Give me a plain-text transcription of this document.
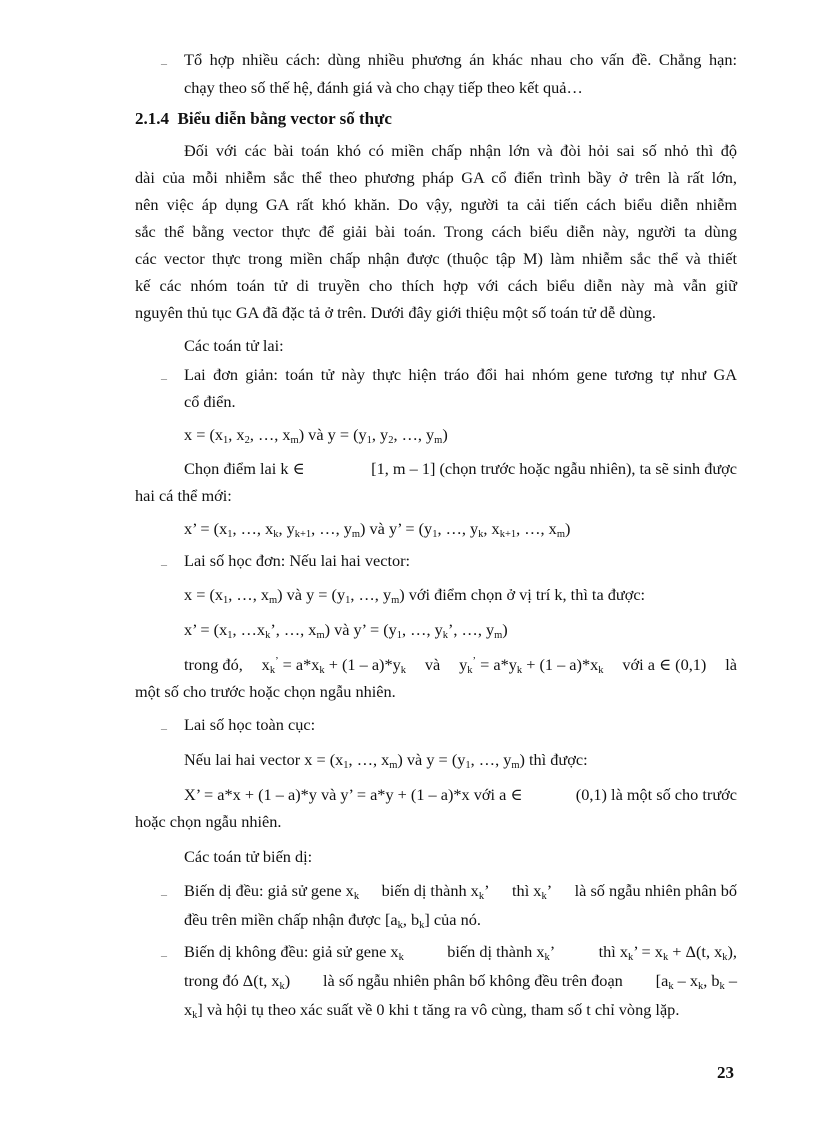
– Tổ hợp nhiều cách: dùng nhiều phương án khác nhau cho vấn đề. Chẳng hạn:
chạy theo số thế hệ, đánh giá và cho chạy tiếp theo kết quả…
2.1.4 Biểu diễn bằng vector số thực
Đối với các bài toán khó có miền chấp nhận lớn và đòi hỏi sai số nhỏ thì độ
dài của mỗi nhiễm sắc thể theo phương pháp GA cổ điển trình bầy ở trên là rất lớn,
nên việc áp dụng GA rất khó khăn. Do vậy, người ta cải tiến cách biểu diễn nhiễm
sắc thể bằng vector thực để giải bài toán. Trong cách biểu diễn này, người ta dùng
các vector thực trong miền chấp nhận được (thuộc tập M) làm nhiễm sắc thể và thiết
kế các nhóm toán tử di truyền cho thích hợp với cách biểu diễn này mà vẫn giữ
nguyên thủ tục GA đã đặc tả ở trên. Dưới đây giới thiệu một số toán tử dễ dùng.
Các toán tử lai:
– Lai đơn giản: toán tử này thực hiện tráo đổi hai nhóm gene tương tự như GA
cổ điển.
$x = (x_1$, $x_2$, …, $x_m$) và $y = (y_1$, $y_2$, …, $y_m$)
Chọn điểm lai k ∈	[1, m – 1] (chọn trước hoặc ngẫu nhiên), ta sẽ sinh được
hai cá thể mới:
x’ = ($x_1$, …, $x_k$, $y_{k+1}$, …, $y_m$) và y’ = ($y_1$, …, $y_k$, $x_{k+1}$, …, $x_m$)
– Lai số học đơn: Nếu lai hai vector:
$x = (x_1$, …, $x_m$) và $y = (y_1$, …, $y_m$) với điểm chọn ở vị trí k, thì ta được:
x’ = ($x_1$, $\dots x_k$’, …, $x_m$) và y’ = ($y_1$, …, $y_k$’, …, $y_m$)
trong đó, $x_k^’ = a*x_k + (1 - a)*y_k$ và $y_k^’ = a*y_k + (1 - a)*x_k$ với a ∈ (0,1) là
một số cho trước hoặc chọn ngẫu nhiên.
– Lai số học toàn cục:
Nếu lai hai vector $x = (x_1$, …, $x_m$) và $y = (y_1$, …, $y_m$) thì được:
X’ = a*x + (1 – a)*y và y’ = a*y + (1 – a)*x với a ∈	(0,1) là một số cho trước
hoặc chọn ngẫu nhiên.
Các toán tử biến dị:
– Biến dị đều: giả sử gene $x_k$ biến dị thành $x_k$’ thì $x_k$’ là số ngẫu nhiên phân bố
đều trên miền chấp nhận được [$a_k$, $b_k$] của nó.
– Biến dị không đều: giả sử gene $x_k$	biến dị thành $x_k$’	thì $x_k$’ = $x_k + \Delta(t$, $x_k$),
trong đó Δ(t, $x_k$) là số ngẫu nhiên phân bố không đều trên đoạn [$a_k - x_k$, $b_k$ –
$x_k$] và hội tụ theo xác suất về 0 khi t tăng ra vô cùng, tham số t chỉ vòng lặp.
23
